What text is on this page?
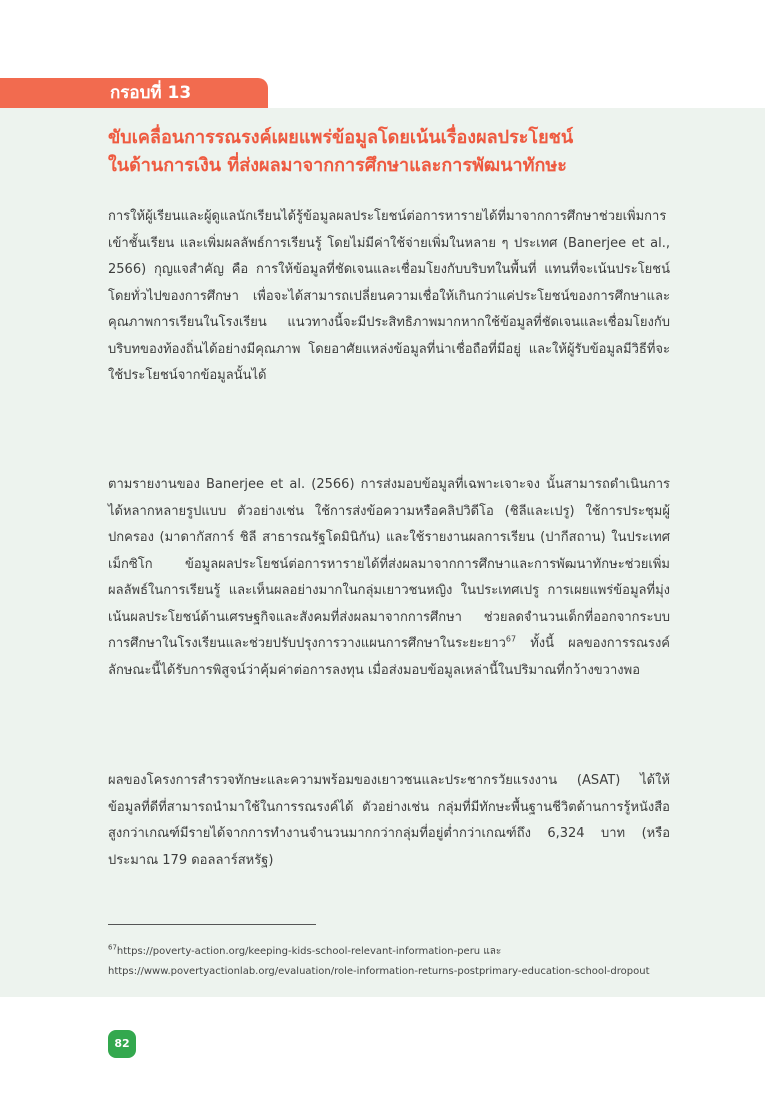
กรอบที่ 13
ขับเคลื่อนการรณรงค์เผยแพร่ข้อมูลโดยเน้นเรื่องผลประโยชน์
ในด้านการเงิน ที่ส่งผลมาจากการศึกษาและการพัฒนาทักษะ
การให้ผู้เรียนและผู้ดูแลนักเรียนได้รู้ข้อมูลผลประโยชน์ต่อการหารายได้ที่มาจากการศึกษาช่วยเพิ่มการเข้าชั้นเรียน และเพิ่มผลลัพธ์การเรียนรู้ โดยไม่มีค่าใช้จ่ายเพิ่มในหลาย ๆ ประเทศ (Banerjee et al., 2566) กุญแจสำคัญ คือ การให้ข้อมูลที่ชัดเจนและเชื่อมโยงกับบริบทในพื้นที่ แทนที่จะเน้นประโยชน์โดยทั่วไปของการศึกษา เพื่อจะได้สามารถเปลี่ยนความเชื่อให้เกินกว่าแค่ประโยชน์ของการศึกษาและคุณภาพการเรียนในโรงเรียน แนวทางนี้จะมีประสิทธิภาพมากหากใช้ข้อมูลที่ชัดเจนและเชื่อมโยงกับบริบทของท้องถิ่นได้อย่างมีคุณภาพ โดยอาศัยแหล่งข้อมูลที่น่าเชื่อถือที่มีอยู่ และให้ผู้รับข้อมูลมีวิธีที่จะใช้ประโยชน์จากข้อมูลนั้นได้
ตามรายงานของ Banerjee et al. (2566) การส่งมอบข้อมูลที่เฉพาะเจาะจง นั้นสามารถดำเนินการได้หลากหลายรูปแบบ ตัวอย่างเช่น ใช้การส่งข้อความหรือคลิปวิดีโอ (ชิลีและเปรู) ใช้การประชุมผู้ปกครอง (มาดากัสการ์ ชิลี สาธารณรัฐโดมินิกัน) และใช้รายงานผลการเรียน (ปากีสถาน) ในประเทศเม็กซิโก ข้อมูลผลประโยชน์ต่อการหารายได้ที่ส่งผลมาจากการศึกษาและการพัฒนาทักษะช่วยเพิ่มผลลัพธ์ในการเรียนรู้ และเห็นผลอย่างมากในกลุ่มเยาวชนหญิง ในประเทศเปรู การเผยแพร่ข้อมูลที่มุ่งเน้นผลประโยชน์ด้านเศรษฐกิจและสังคมที่ส่งผลมาจากการศึกษา ช่วยลดจำนวนเด็กที่ออกจากระบบการศึกษาในโรงเรียนและช่วยปรับปรุงการวางแผนการศึกษาในระยะยาว$^{67}$ ทั้งนี้ ผลของการรณรงค์ลักษณะนี้ได้รับการพิสูจน์ว่าคุ้มค่าต่อการลงทุน เมื่อส่งมอบข้อมูลเหล่านี้ในปริมาณที่กว้างขวางพอ
ผลของโครงการสำรวจทักษะและความพร้อมของเยาวชนและประชากรวัยแรงงาน (ASAT) ได้ให้ข้อมูลที่ดีที่สามารถนำมาใช้ในการรณรงค์ได้ ตัวอย่างเช่น กลุ่มที่มีทักษะพื้นฐานชีวิตด้านการรู้หนังสือสูงกว่าเกณฑ์มีรายได้จากการทำงานจำนวนมากกว่ากลุ่มที่อยู่ต่ำกว่าเกณฑ์ถึง 6,324 บาท (หรือประมาณ 179 ดอลลาร์สหรัฐ)
$^{67}$https://poverty-action.org/keeping-kids-school-relevant-information-peru และ https://www.povertyactionlab.org/evaluation/role-information-returns-postprimary-education-school-dropout
82
